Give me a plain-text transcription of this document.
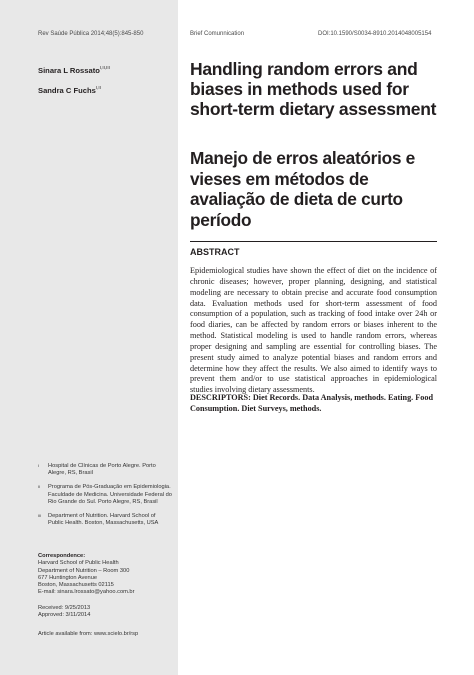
Rev Saúde Pública 2014;48(5):845-850	Brief Comunnication	DOI:10.1590/S0034-8910.2014048005154
Sinara L Rossato$^{I,II,III}$
Sandra C Fuchs$^{I,II}$
Handling random errors and biases in methods used for short-term dietary assessment
Manejo de erros aleatórios e vieses em métodos de avaliação de dieta de curto período
ABSTRACT
Epidemiological studies have shown the effect of diet on the incidence of chronic diseases; however, proper planning, designing, and statistical modeling are necessary to obtain precise and accurate food consumption data. Evaluation methods used for short-term assessment of food consumption of a population, such as tracking of food intake over 24h or food diaries, can be affected by random errors or biases inherent to the method. Statistical modeling is used to handle random errors, whereas proper designing and sampling are essential for controlling biases. The present study aimed to analyze potential biases and random errors and determine how they affect the results. We also aimed to identify ways to prevent them and/or to use statistical approaches in epidemiological studies involving dietary assessments.
DESCRIPTORS: Diet Records. Data Analysis, methods. Eating. Food Consumption. Diet Surveys, methods.
I Hospital de Clínicas de Porto Alegre. Porto Alegre, RS, Brasil
II Programa de Pós-Graduação em Epidemiologia. Faculdade de Medicina. Universidade Federal do Rio Grande do Sul. Porto Alegre, RS, Brasil
III Department of Nutrition. Harvard School of Public Health. Boston, Massachusetts, USA
Correspondence:
Harvard School of Public Health
Department of Nutrition – Room 300
677 Huntington Avenue
Boston, Massachusetts 02115
E-mail: sinara.lrossato@yahoo.com.br
Received: 9/25/2013
Approved: 3/11/2014
Article available from: www.scielo.br/rsp
